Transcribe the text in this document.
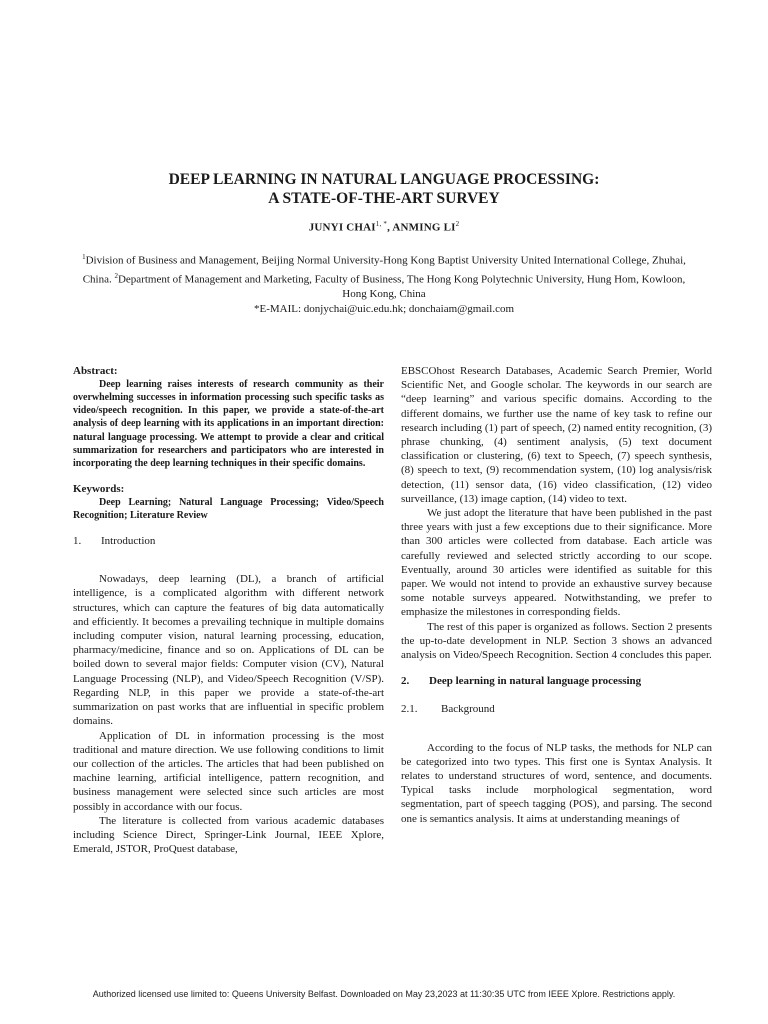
DEEP LEARNING IN NATURAL LANGUAGE PROCESSING:
A STATE-OF-THE-ART SURVEY
JUNYI $CHAI^{1, *}$, ANMING $LI^2$
$^1$Division of Business and Management, Beijing Normal University-Hong Kong Baptist University United International College, Zhuhai, China. $^2$Department of Management and Marketing, Faculty of Business, The Hong Kong Polytechnic University, Hung Hom, Kowloon, Hong Kong, China
*E-MAIL: donjychai@uic.edu.hk; donchaiam@gmail.com
Abstract:

Deep learning raises interests of research community as their overwhelming successes in information processing such specific tasks as video/speech recognition. In this paper, we provide a state-of-the-art analysis of deep learning with its applications in an important direction: natural language processing. We attempt to provide a clear and critical summarization for researchers and participators who are interested in incorporating the deep learning techniques in their specific domains.

Keywords:

Deep Learning; Natural Language Processing; Video/Speech Recognition; Literature Review

1.	Introduction

Nowadays, deep learning (DL), a branch of artificial intelligence, is a complicated algorithm with different network structures, which can capture the features of big data automatically and efficiently. It becomes a prevailing technique in multiple domains including computer vision, natural learning processing, education, pharmacy/medicine, finance and so on. Applications of DL can be boiled down to several major fields: Computer vision (CV), Natural Language Processing (NLP), and Video/Speech Recognition (V/SP). Regarding NLP, in this paper we provide a state-of-the-art summarization on past works that are influential in specific problem domains.

Application of DL in information processing is the most traditional and mature direction. We use following conditions to limit our collection of the articles. The articles that had been published on machine learning, artificial intelligence, pattern recognition, and business management were selected since such articles are most possibly in accordance with our focus.

The literature is collected from various academic databases including Science Direct, Springer-Link Journal, IEEE Xplore, Emerald, JSTOR, ProQuest database,

EBSCOhost Research Databases, Academic Search Premier, World Scientific Net, and Google scholar. The keywords in our search are “deep learning” and various specific domains. According to the different domains, we further use the name of key task to refine our research including (1) part of speech, (2) named entity recognition, (3) phrase chunking, (4) sentiment analysis, (5) text document classification or clustering, (6) text to Speech, (7) speech synthesis, (8) speech to text, (9) recommendation system, (10) log analysis/risk detection, (11) sensor data, (16) video classification, (12) video surveillance, (13) image caption, (14) video to text.

We just adopt the literature that have been published in the past three years with just a few exceptions due to their significance. More than 300 articles were collected from database. Each article was carefully reviewed and selected strictly according to our scope. Eventually, around 30 articles were identified as suitable for this paper. We would not intend to provide an exhaustive survey because some notable surveys appeared. Notwithstanding, we prefer to emphasize the milestones in corresponding fields.

The rest of this paper is organized as follows. Section 2 presents the up-to-date development in NLP. Section 3 shows an advanced analysis on Video/Speech Recognition. Section 4 concludes this paper.

2.	Deep learning in natural language processing
2.1.	Background

According to the focus of NLP tasks, the methods for NLP can be categorized into two types. This first one is Syntax Analysis. It relates to understand structures of word, sentence, and documents. Typical tasks include morphological segmentation, word segmentation, part of speech tagging (POS), and parsing. The second one is semantics analysis. It aims at understanding meanings of

Authorized licensed use limited to: Queens University Belfast. Downloaded on May 23,2023 at 11:30:35 UTC from IEEE Xplore. Restrictions apply.
